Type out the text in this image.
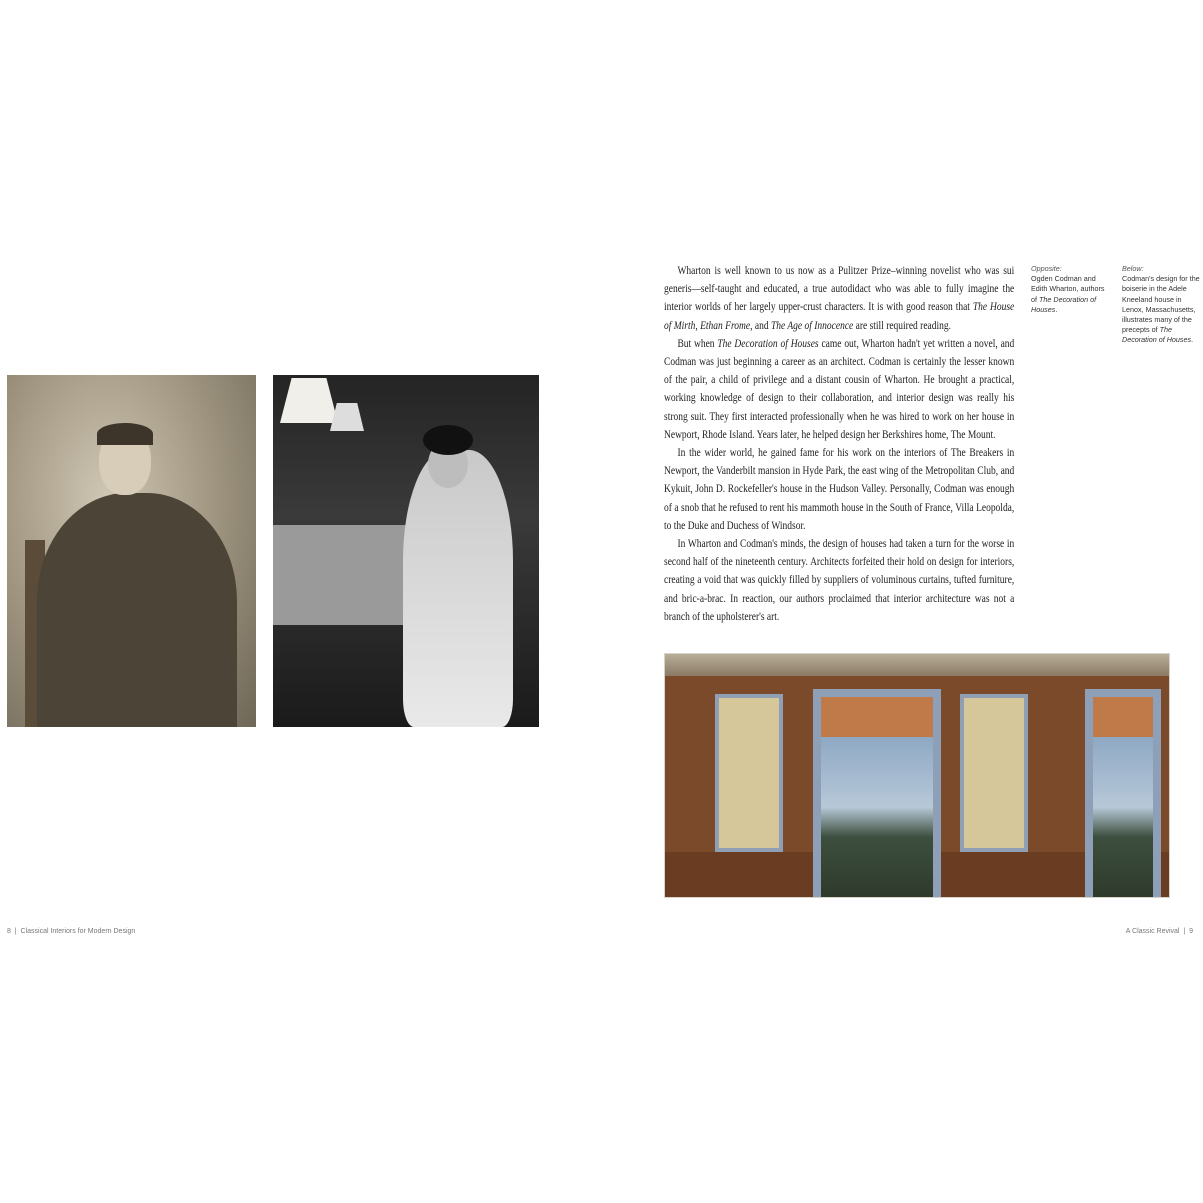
8  |  Classical Interiors for Modern Design

Wharton is well known to us now as a Pulitzer Prize–winning novelist who was sui generis—self-taught and educated, a true autodidact who was able to fully imagine the interior worlds of her largely upper-crust characters. It is with good reason that The House of Mirth, Ethan Frome, and The Age of Innocence are still required reading.

But when The Decoration of Houses came out, Wharton hadn't yet written a novel, and Codman was just beginning a career as an architect. Codman is certainly the lesser known of the pair, a child of privilege and a distant cousin of Wharton. He brought a practical, working knowledge of design to their collaboration, and interior design was really his strong suit. They first interacted professionally when he was hired to work on her house in Newport, Rhode Island. Years later, he helped design her Berkshires home, The Mount.

In the wider world, he gained fame for his work on the interiors of The Breakers in Newport, the Vanderbilt mansion in Hyde Park, the east wing of the Metropolitan Club, and Kykuit, John D. Rockefeller's house in the Hudson Valley. Personally, Codman was enough of a snob that he refused to rent his mammoth house in the South of France, Villa Leopolda, to the Duke and Duchess of Windsor.

In Wharton and Codman's minds, the design of houses had taken a turn for the worse in second half of the nineteenth century. Architects forfeited their hold on design for interiors, creating a void that was quickly filled by suppliers of voluminous curtains, tufted furniture, and bric-a-brac. In reaction, our authors proclaimed that interior architecture was not a branch of the upholsterer's art.

Opposite:
Ogden Codman and Edith Wharton, authors of The Decoration of Houses.
Below:
Codman's design for the boiserie in the Adele Kneeland house in Lenox, Massachusetts, illustrates many of the precepts of The Decoration of Houses.
A Classic Revival  |  9
